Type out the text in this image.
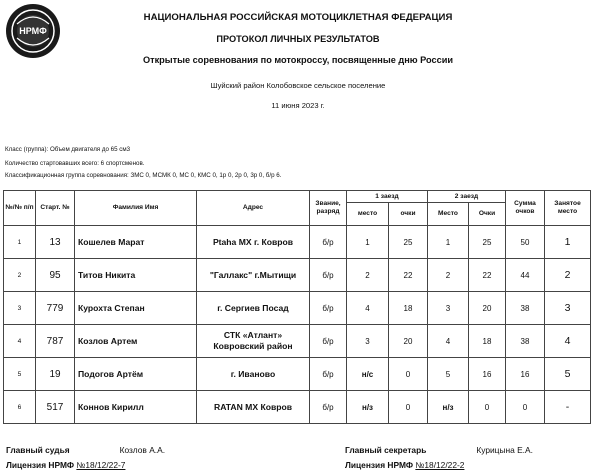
НРМФ
НАЦИОНАЛЬНАЯ РОССИЙСКАЯ МОТОЦИКЛЕТНАЯ ФЕДЕРАЦИЯ
ПРОТОКОЛ ЛИЧНЫХ РЕЗУЛЬТАТОВ
Открытые соревнования по мотокроссу, посвященные дню России
Шуйский район Колобовское сельское поселение
11 июня 2023 г.
Класс (группа): Объем двигателя до 65 см3
Количество стартовавших всего: 6 спортсменов.
Классификационная группа соревнования: ЗМС 0, МСМК 0, МС 0, КМС 0, 1р 0, 2р 0, 3р 0, б/р 6.
№/№ п/п	Старт. №	Фамилия Имя	Адрес	Звание, разряд	1 заезд		2 заезд		Сумма очков	Занятое место
					место	очки	Место	Очки		
1	13	Кошелев Марат	Ptaha MX г. Ковров	б/р	1	25	1	25	50	1
2	95	Титов Никита	"Галлакс" г.Мытищи	б/р	2	22	2	22	44	2
3	779	Курохта Степан	г. Сергиев Посад	б/р	4	18	3	20	38	3
4	787	Козлов Артем	СТК «Атлант» Ковровский район	б/р	3	20	4	18	38	4
5	19	Подогов Артём	г. Иваново	б/р	н/с	0	5	16	16	5
6	517	Коннов Кирилл	RATAN MX Ковров	б/р	н/з	0	н/з	0	0	-
Главный судья	Козлов А.А.
Лицензия НРМФ №18/12/22-7
Главный секретарь	Курицына Е.А.
Лицензия НРМФ №18/12/22-2
